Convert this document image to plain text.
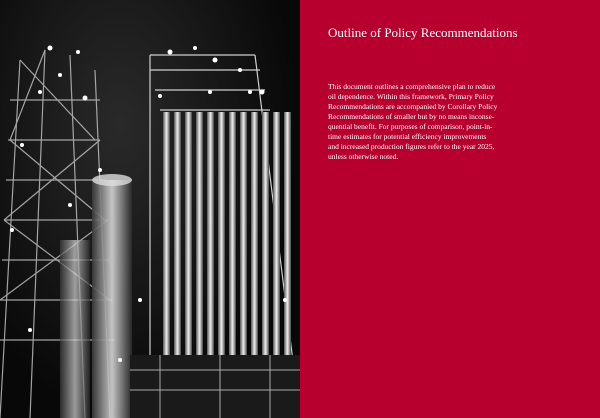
Outline of Policy Recommendations

This document outlines a comprehensive plan to reduce
oil dependence. Within this framework, Primary Policy
Recommendations are accompanied by Corollary Policy
Recommendations of smaller but by no means inconse-
quential benefit. For purposes of comparison, point-in-
time estimates for potential efficiency improvements
and increased production figures refer to the year 2025,
unless otherwise noted.
